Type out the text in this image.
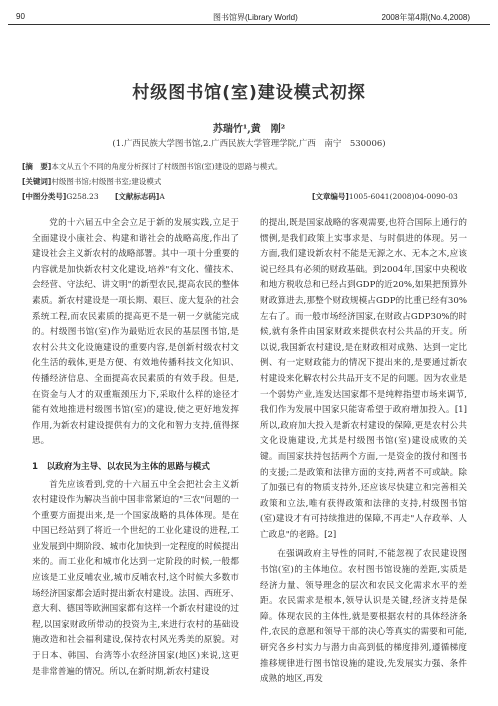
90	图书馆界(Library World)	2008年第4期(No.4,2008)
村级图书馆(室)建设模式初探
苏瑞竹¹,黄　刚²
(1.广西民族大学图书馆,2.广西民族大学管理学院,广西　南宁　530006)
[摘　要]本文从五个不同的角度分析探讨了村级图书馆(室)建设的思路与模式。
[关键词]村级图书馆;村级图书室;建设模式
[中图分类号]G258.23 [文献标志码]A	[文章编号]1005-6041(2008)04-0090-03

党的十六届五中全会立足于新的发展实践,立足于全面建设小康社会、构建和谐社会的战略高度,作出了建设社会主义新农村的战略部署。其中一项十分重要的内容就是加快新农村文化建设,培养"有文化、懂技术、会经营、守法纪、讲文明"的新型农民,提高农民的整体素质。新农村建设是一项长期、艰巨、庞大复杂的社会系统工程,而农民素质的提高更不是一朝一夕就能完成的。村级图书馆(室)作为最贴近农民的基层图书馆,是农村公共文化设施建设的重要内容,是创新村级农村文化生活的载体,更是方便、有效地传播科技文化知识、传播经济信息、全面提高农民素质的有效手段。但是,在资金与人才的双重瓶颈压力下,采取什么样的途径才能有效地推进村级图书馆(室)的建设,使之更好地发挥作用,为新农村建设提供有力的文化和智力支持,值得探思。

1　以政府为主导、以农民为主体的思路与模式

首先应该看到,党的十六届五中全会把社会主义新农村建设作为解决当前中国非常紧迫的"三农"问题的一个重要方面提出来,是一个国家战略的具体体现。是在中国已经站到了将近一个世纪的工业化建设的进程,工业发展到中期阶段、城市化加快到一定程度的时候提出来的。而工业化和城市化达到一定阶段的时候,一般都应该是工业反哺农业,城市反哺农村,这个时候大多数市场经济国家都会适时提出新农村建设。法国、西班牙、意大利、德国等欧洲国家都有这样一个新农村建设的过程,以国家财政所带动的投资为主,来进行农村的基础设施改造和社会福利建设,保持农村风光秀美的原貌。对于日本、韩国、台湾等小农经济国家(地区)来说,这更是非常普遍的情况。所以,在新时期,新农村建设

的提出,既是国家战略的客观需要,也符合国际上通行的惯例,是我们政策上实事求是、与时俱进的体现。另一方面,我们建设新农村不能是无源之水、无本之木,应该说已经具有必须的财政基础。到2004年,国家中央税收和地方税收总和已经占到GDP的近20%,如果把预算外财政算进去,那整个财政规模占GDP的比重已经有30%左右了。而一般市场经济国家,在财政占GDP30%的时候,就有条件由国家财政来提供农村公共品的开支。所以说,我国新农村建设,是在财政相对成熟、达到一定比例、有一定财政能力的情况下提出来的,是要通过新农村建设来化解农村公共品开支不足的问题。因为农业是一个弱势产业,连发达国家都不是纯粹指望市场来调节,我们作为发展中国家只能寄希望于政府增加投入。[1]所以,政府加大投入是新农村建设的保障,更是农村公共文化设施建设,尤其是村级图书馆(室)建设成败的关键。而国家扶持包括两个方面,一是资金的拨付和图书的支援;二是政策和法律方面的支持,两者不可或缺。除了加强已有的物质支持外,还应该尽快建立和完善相关政策和立法,唯有获得政策和法律的支持,村级图书馆(室)建设才有可持续推进的保障,不再走"人存政举、人亡政息"的老路。[2]

在强调政府主导性的同时,不能忽视了农民建设图书馆(室)的主体地位。农村图书馆设施的差距,实质是经济力量、领导理念的层次和农民文化需求水平的差距。农民需求是根本,领导认识是关键,经济支持是保障。体现农民的主体性,就是要根据农村的具体经济条件,农民的意愿和领导干部的决心等真实的需要和可能,研究各乡村实力与潜力由高到低的梯度排列,遵循梯度推移规律进行图书馆设施的建设,先发展实力强、条件成熟的地区,再发
